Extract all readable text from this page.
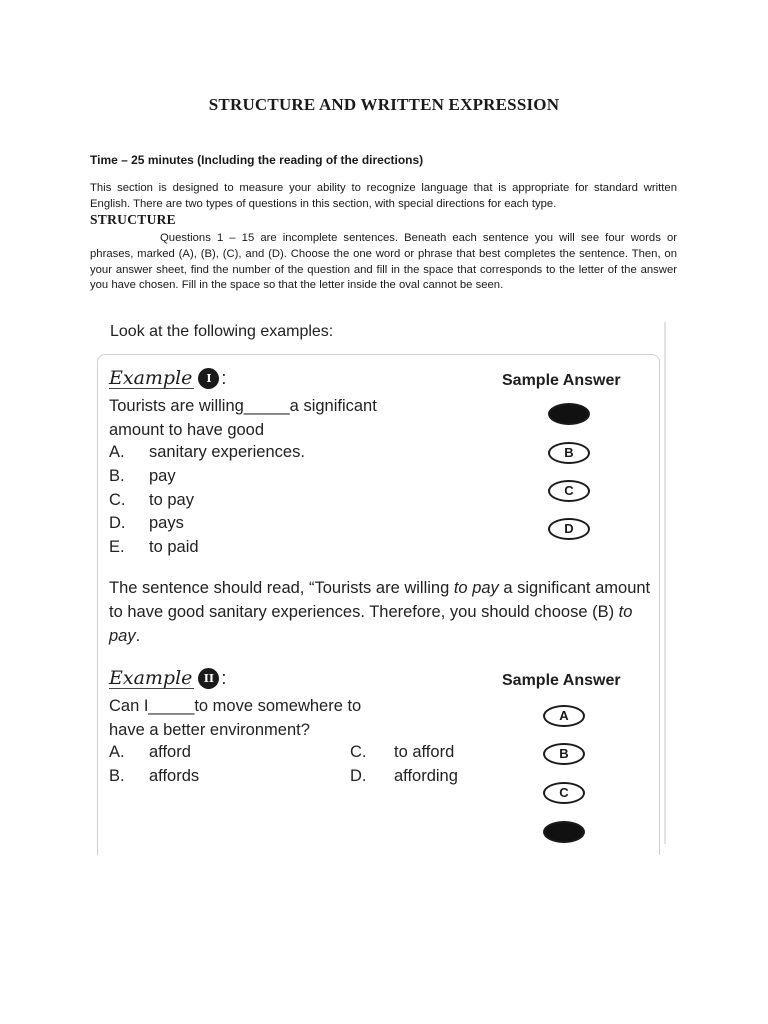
STRUCTURE AND WRITTEN EXPRESSION
Time – 25 minutes (Including the reading of the directions)
This section is designed to measure your ability to recognize language that is appropriate for standard written English. There are two types of questions in this section, with special directions for each type.
STRUCTURE
Questions 1 – 15 are incomplete sentences. Beneath each sentence you will see four words or phrases, marked (A), (B), (C), and (D). Choose the one word or phrase that best completes the sentence. Then, on your answer sheet, find the number of the question and fill in the space that corresponds to the letter of the answer you have chosen. Fill in the space so that the letter inside the oval cannot be seen.
Look at the following examples:
Example	I :	Sample Answer
Tourists are willing_____a significant
amount to have good
A. sanitary experiences.
B. pay
C. to pay
D. pays
E. to paid
B
C
D
The sentence should read, “Tourists are willing to pay a significant amount to have good sanitary experiences. Therefore, you should choose (B) to pay.
Example	II :	Sample Answer
Can I_____to move somewhere to
have a better environment?
A. afford
B. affords
C. to afford
D. affording
A
B
C
